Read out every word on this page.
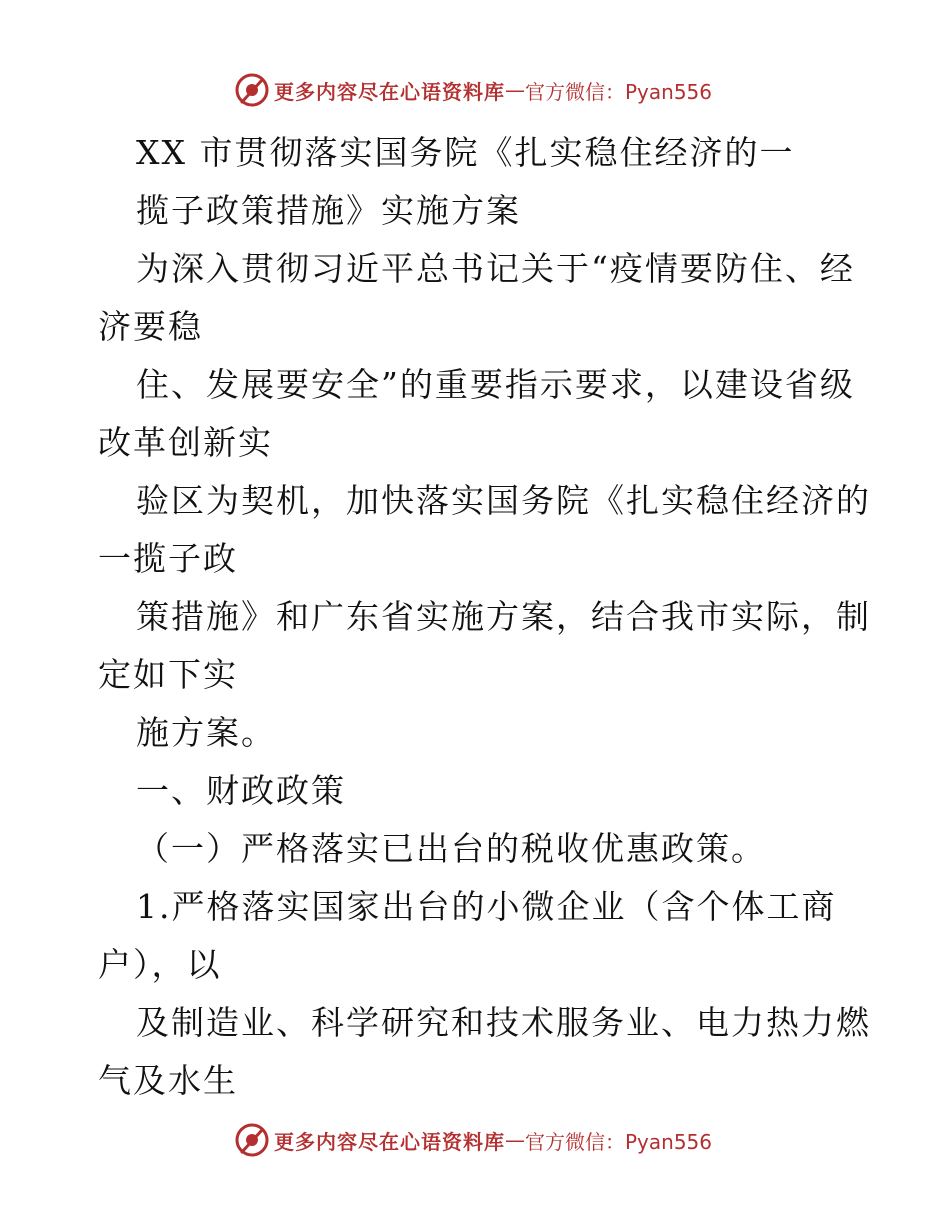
更多内容尽在心语资料库 — 官方微信：Pyan556
XX 市贯彻落实国务院《扎实稳住经济的一
揽子政策措施》实施方案
为深入贯彻习近平总书记关于“疫情要防住、经
济要稳
住、发展要安全”的重要指示要求，以建设省级
改革创新实
验区为契机，加快落实国务院《扎实稳住经济的
一揽子政
策措施》和广东省实施方案，结合我市实际，制
定如下实
施方案。
一、财政政策
（一）严格落实已出台的税收优惠政策。
1.严格落实国家出台的小微企业（含个体工商
户），以
及制造业、科学研究和技术服务业、电力热力燃
气及水生
更多内容尽在心语资料库 — 官方微信：Pyan556
